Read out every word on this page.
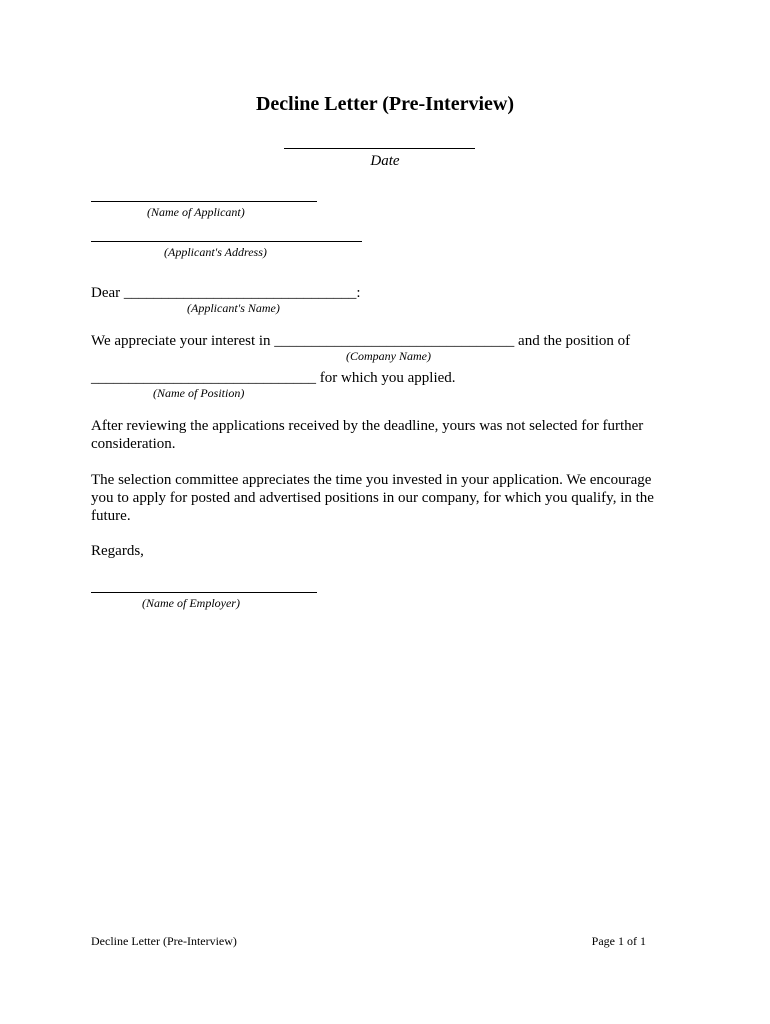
Decline Letter (Pre-Interview)
Date
(Name of Applicant)
(Applicant's Address)
Dear _______________________________:
(Applicant's Name)
We appreciate your interest in ________________________________ and the position of
(Company Name)
______________________________ for which you applied.
(Name of Position)
After reviewing the applications received by the deadline, yours was not selected for further consideration.
The selection committee appreciates the time you invested in your application. We encourage you to apply for posted and advertised positions in our company, for which you qualify, in the future.
Regards,
(Name of Employer)
Decline Letter (Pre-Interview)	Page 1 of 1
